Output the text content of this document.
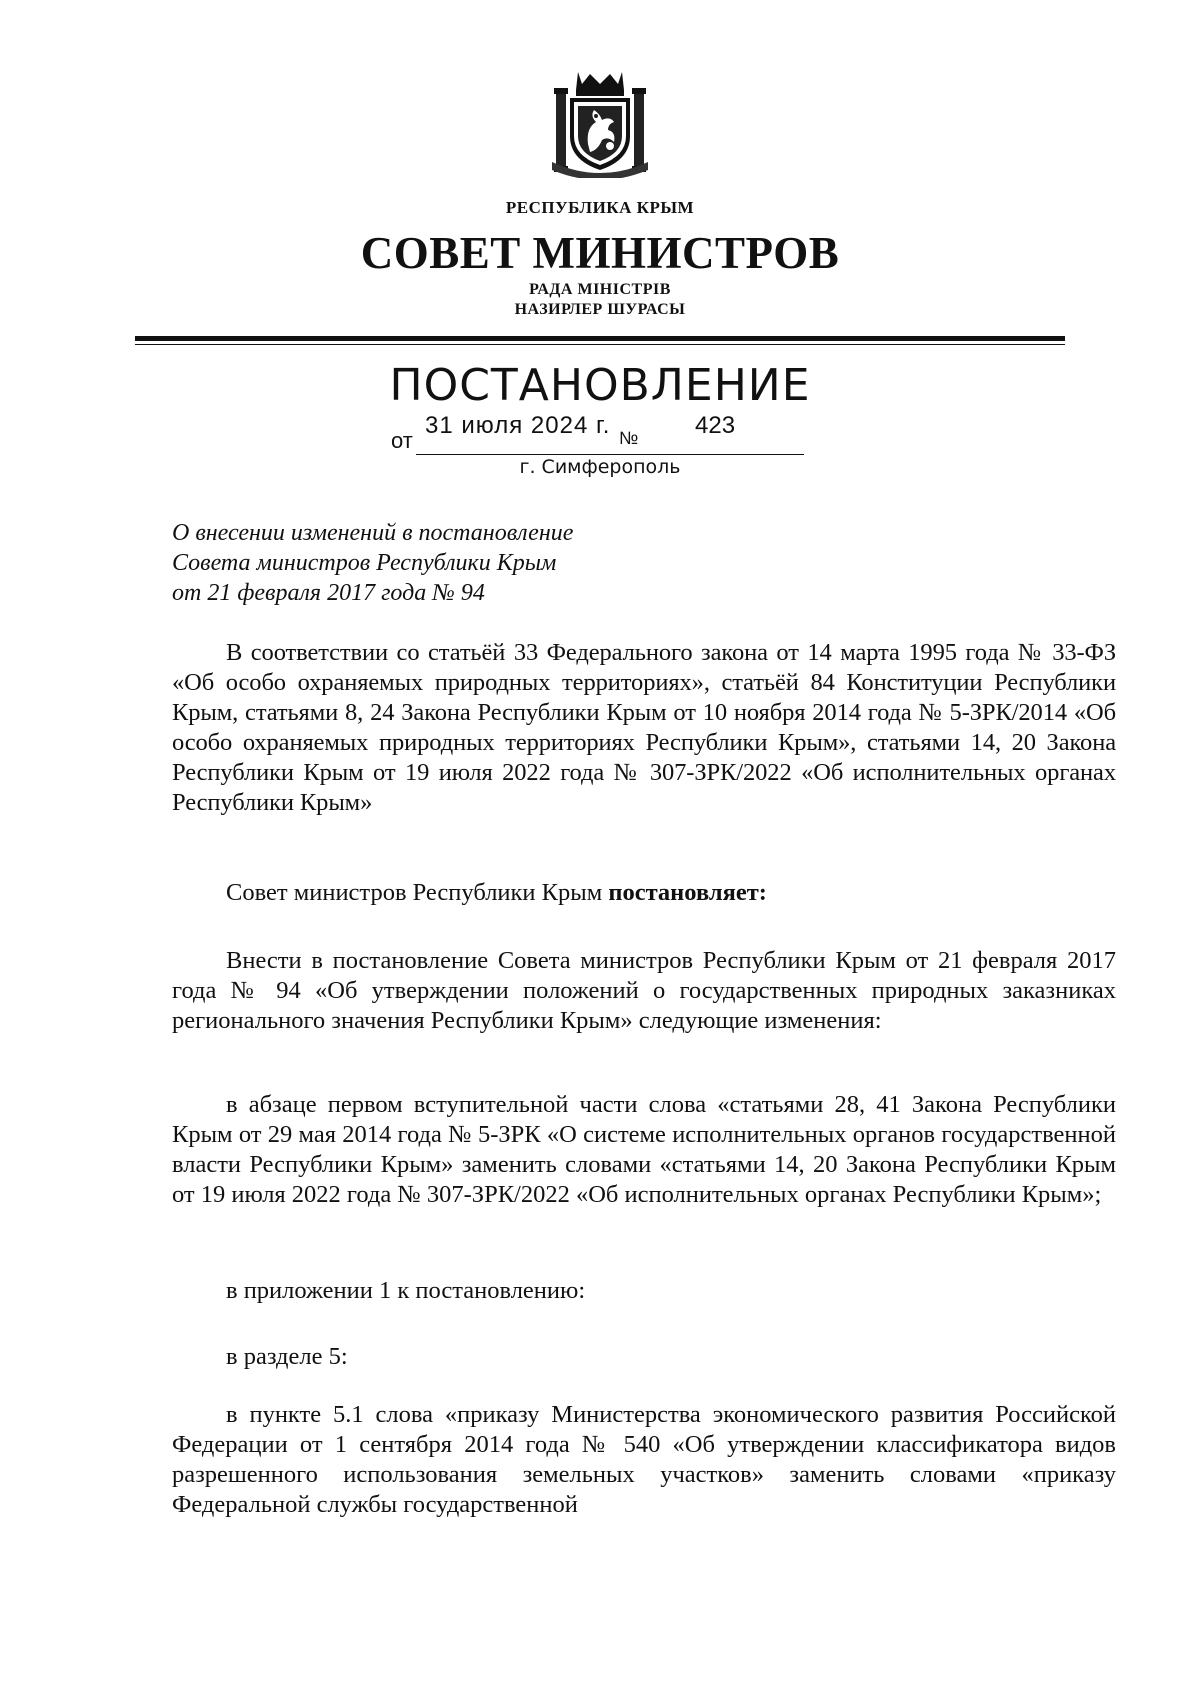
РЕСПУБЛИКА КРЫМ
СОВЕТ МИНИСТРОВ
РАДА МІНІСТРІВ
НАЗИРЛЕР ШУРАСЫ
ПОСТАНОВЛЕНИЕ
от
31 июля 2024 г. № 423
г. Симферополь
О внесении изменений в постановление
Совета министров Республики Крым
от 21 февраля 2017 года № 94

В соответствии со статьёй 33 Федерального закона от 14 марта 1995 года № 33-ФЗ «Об особо охраняемых природных территориях», статьёй 84 Конституции Республики Крым, статьями 8, 24 Закона Республики Крым от 10 ноября 2014 года № 5-ЗРК/2014 «Об особо охраняемых природных территориях Республики Крым», статьями 14, 20 Закона Республики Крым от 19 июля 2022 года № 307-ЗРК/2022 «Об исполнительных органах Республики Крым»

Совет министров Республики Крым постановляет:

Внести в постановление Совета министров Республики Крым от 21 февраля 2017 года № 94 «Об утверждении положений о государственных природных заказниках регионального значения Республики Крым» следующие изменения:

в абзаце первом вступительной части слова «статьями 28, 41 Закона Республики Крым от 29 мая 2014 года № 5-ЗРК «О системе исполнительных органов государственной власти Республики Крым» заменить словами «статьями 14, 20 Закона Республики Крым от 19 июля 2022 года № 307-ЗРК/2022 «Об исполнительных органах Республики Крым»;

в приложении 1 к постановлению:

в разделе 5:

в пункте 5.1 слова «приказу Министерства экономического развития Российской Федерации от 1 сентября 2014 года № 540 «Об утверждении классификатора видов разрешенного использования земельных участков» заменить словами «приказу Федеральной службы государственной
